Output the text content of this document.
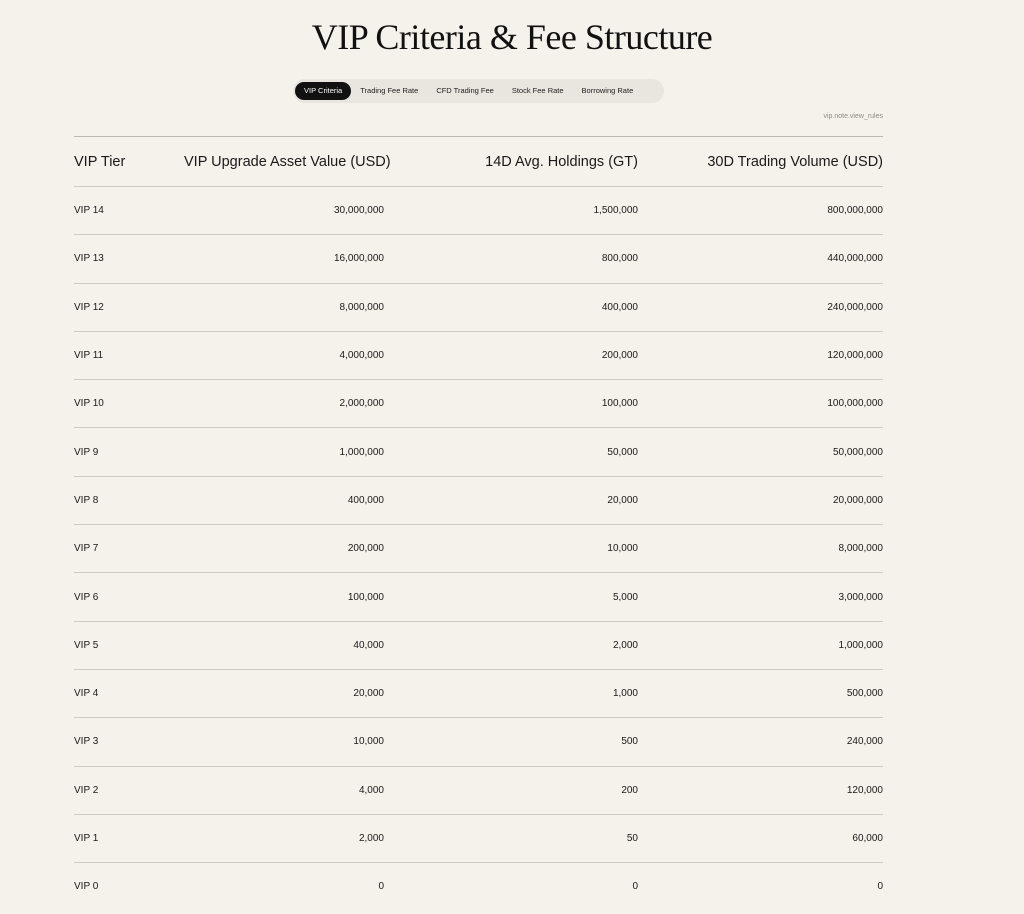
VIP Criteria & Fee Structure
VIP Criteria	Trading Fee Rate	CFD Trading Fee	Stock Fee Rate	Borrowing Rate
vip.note.view_rules
VIP Tier	VIP Upgrade Asset Value (USD)	14D Avg. Holdings (GT)	30D Trading Volume (USD)
VIP 14	30,000,000	1,500,000	800,000,000
VIP 13	16,000,000	800,000	440,000,000
VIP 12	8,000,000	400,000	240,000,000
VIP 11	4,000,000	200,000	120,000,000
VIP 10	2,000,000	100,000	100,000,000
VIP 9	1,000,000	50,000	50,000,000
VIP 8	400,000	20,000	20,000,000
VIP 7	200,000	10,000	8,000,000
VIP 6	100,000	5,000	3,000,000
VIP 5	40,000	2,000	1,000,000
VIP 4	20,000	1,000	500,000
VIP 3	10,000	500	240,000
VIP 2	4,000	200	120,000
VIP 1	2,000	50	60,000
VIP 0	0	0	0
